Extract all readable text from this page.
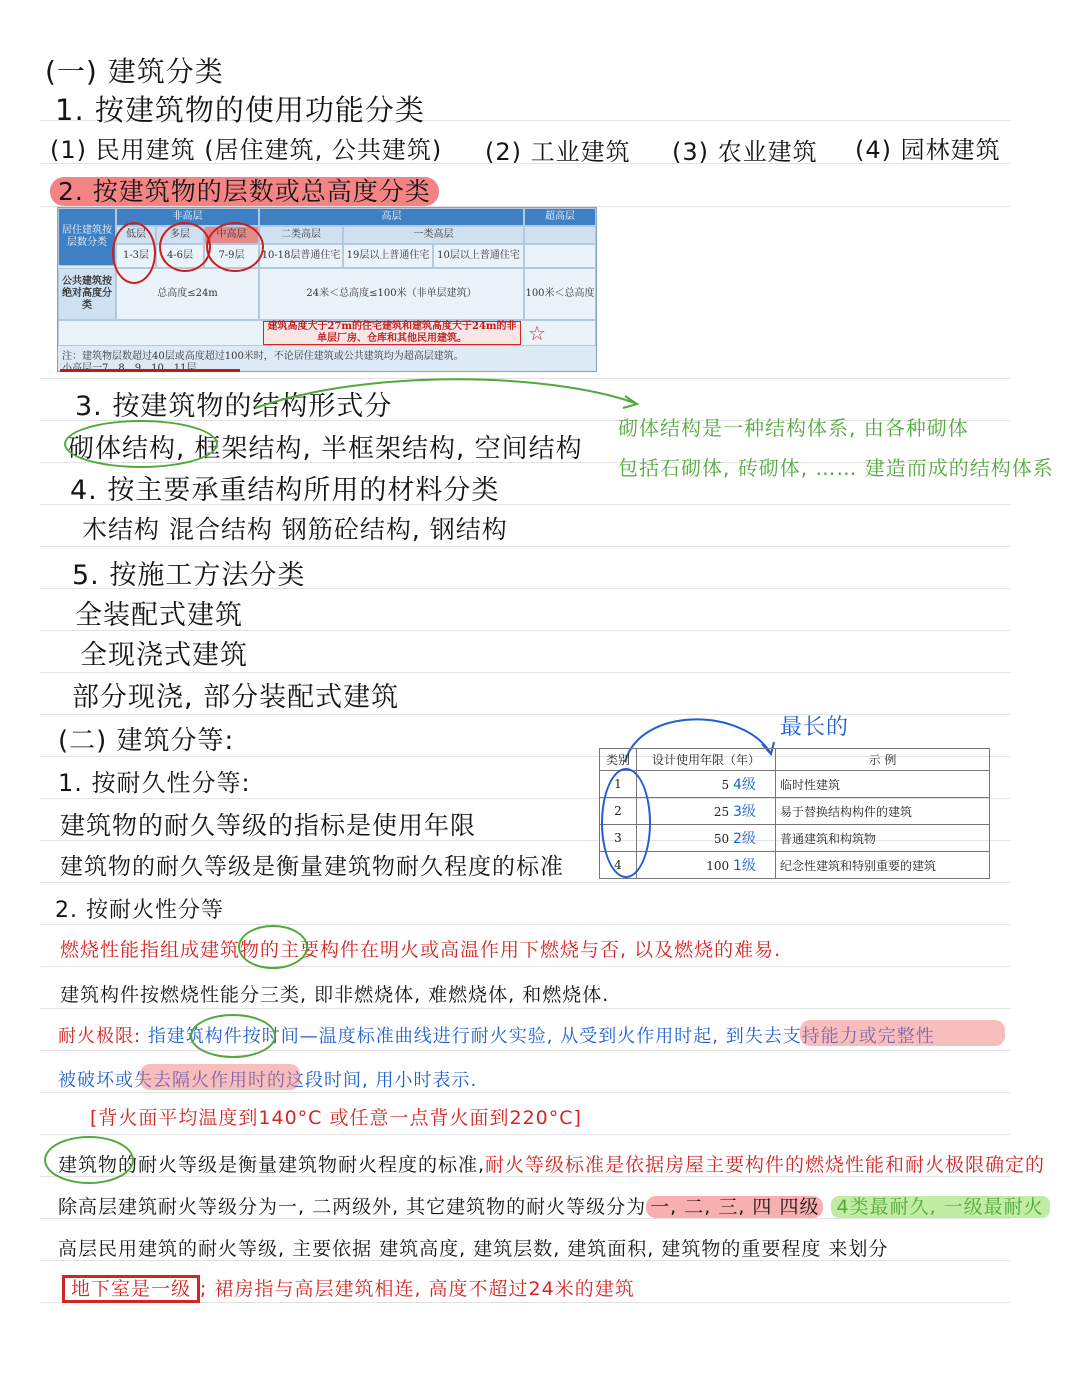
(一) 建筑分类
1. 按建筑物的使用功能分类
(1) 民用建筑 (居住建筑, 公共建筑) (2) 工业建筑 (3) 农业建筑 (4) 园林建筑
2. 按建筑物的层数或总高度分类
居住建筑按层数分类
非高层	高层	超高层
低层	多层	中高层	二类高层	一类高层
1-3层	4-6层	7-9层	10-18层普通住宅 19层以上普通住宅 10层以上普通住宅
公共建筑按绝对高度分类
总高度≤24m	24米＜总高度≤100米（非单层建筑）	100米＜总高度
建筑高度大于27m的住宅建筑和建筑高度大于24m的非单层厂房、仓库和其他民用建筑。	☆
注：建筑物层数超过40层或高度超过100米时，不论居住建筑或公共建筑均为超高层建筑。
3. 按建筑物的结构形式分
砌体结构, 框架结构, 半框架结构, 空间结构
砌体结构是一种结构体系, 由各种砌体
包括石砌体, 砖砌体, …… 建造而成的结构体系
4. 按主要承重结构所用的材料分类
木结构 混合结构 钢筋砼结构, 钢结构
5. 按施工方法分类
全装配式建筑
全现浇式建筑
部分现浇, 部分装配式建筑
(二) 建筑分等:
1. 按耐久性分等:
建筑物的耐久等级的指标是使用年限
建筑物的耐久等级是衡量建筑物耐久程度的标准
最长的
类别	设计使用年限（年）	示 例
1	5 4级	临时性建筑
2	25 3级	易于替换结构构件的建筑
3	50 2级	普通建筑和构筑物
4	100 1级	纪念性建筑和特别重要的建筑
2. 按耐火性分等
燃烧性能指组成建筑物的主要构件在明火或高温作用下燃烧与否, 以及燃烧的难易.
建筑构件按燃烧性能分三类, 即非燃烧体, 难燃烧体, 和燃烧体.
耐火极限: 指建筑构件按时间—温度标准曲线进行耐火实验, 从受到火作用时起, 到失去支持能力或完整性
被破坏或失去隔火作用时的这段时间, 用小时表示.
[背火面平均温度到140°C 或任意一点背火面到220°C]
建筑物的耐火等级是衡量建筑物耐火程度的标准,耐火等级标准是依据房屋主要构件的燃烧性能和耐火极限确定的
除高层建筑耐火等级分为一, 二两级外, 其它建筑物的耐火等级分为 一, 二, 三, 四 四级 4类最耐久, 一级最耐火
高层民用建筑的耐火等级, 主要依据 建筑高度, 建筑层数, 建筑面积, 建筑物的重要程度 来划分
地下室是一级 ; 裙房指与高层建筑相连, 高度不超过24米的建筑
